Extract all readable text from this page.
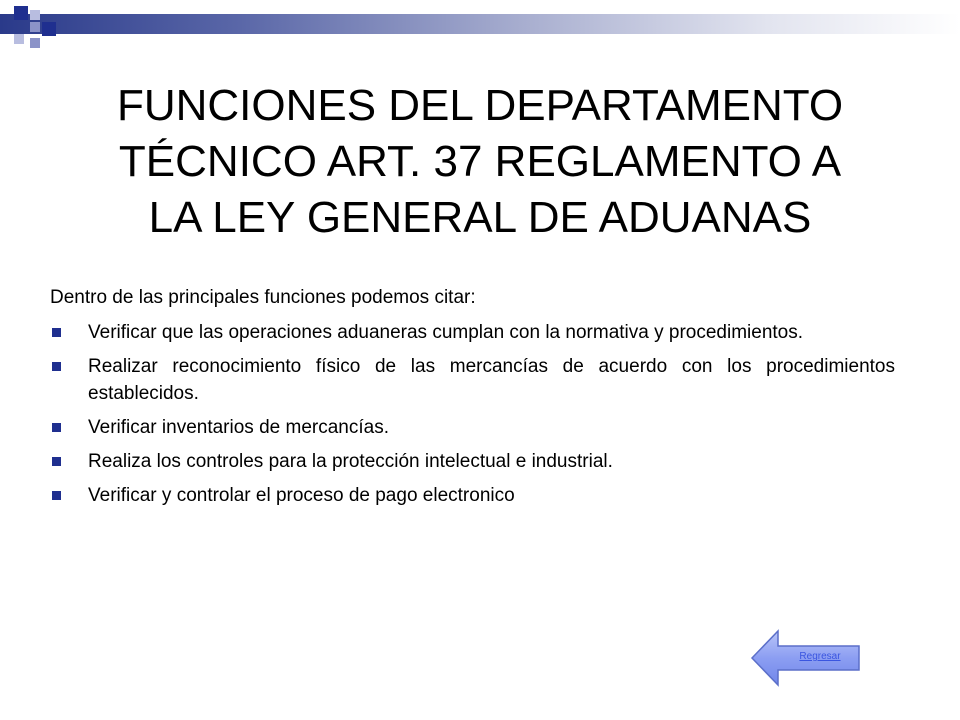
FUNCIONES DEL DEPARTAMENTO
TÉCNICO ART. 37 REGLAMENTO A
LA LEY GENERAL DE ADUANAS

Dentro de las principales funciones podemos citar:

Verificar que las operaciones aduaneras cumplan con la normativa y procedimientos.
Realizar reconocimiento físico de las mercancías de acuerdo con los procedimientos establecidos.
Verificar inventarios de mercancías.
Realiza los controles para la protección intelectual e industrial.
Verificar y controlar el proceso de pago electronico
Regresar
